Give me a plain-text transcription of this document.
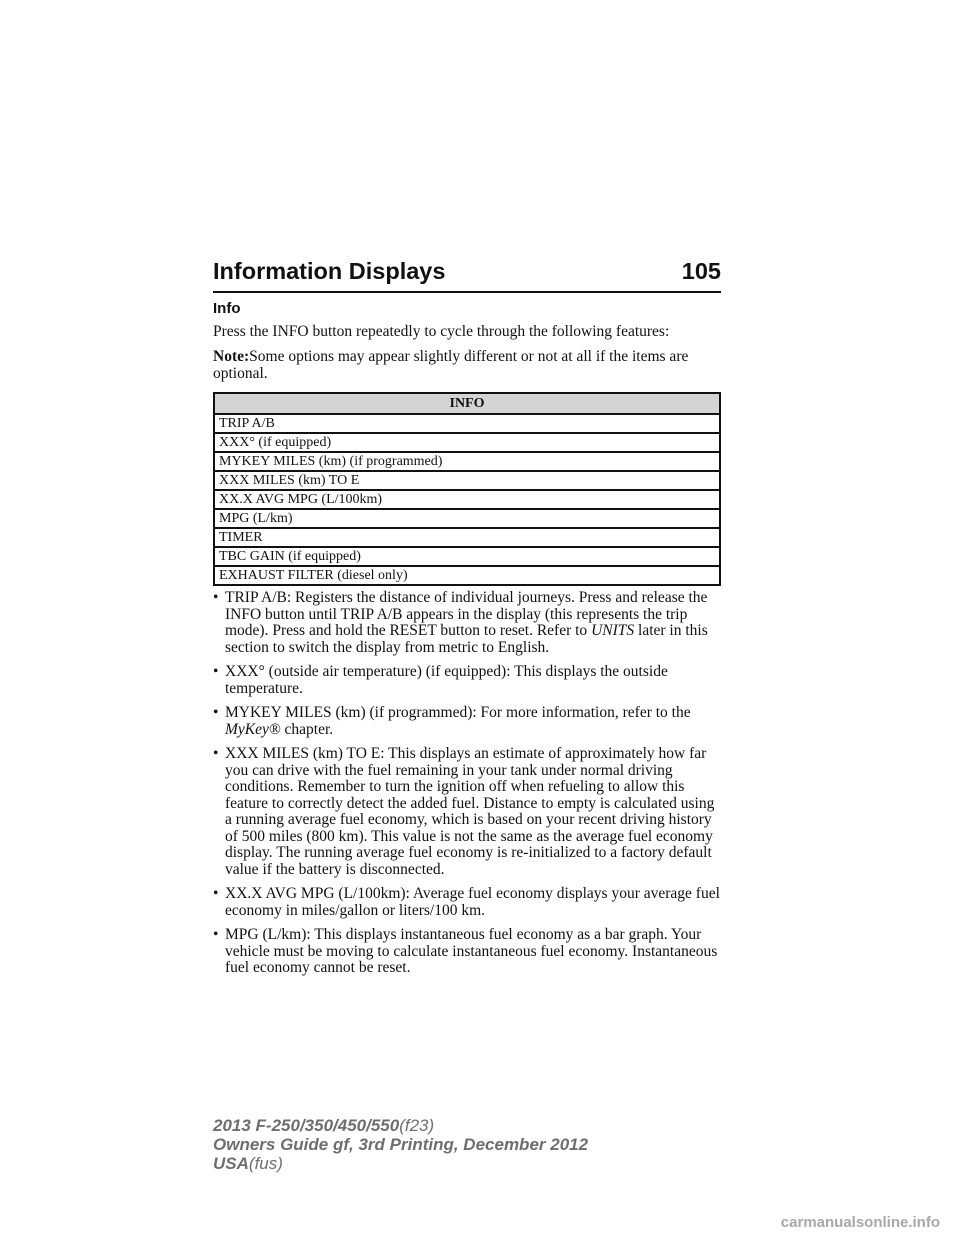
Information Displays	105
Info

Press the INFO button repeatedly to cycle through the following features:

Note:Some options may appear slightly different or not at all if the items are optional.

INFO
TRIP A/B
XXX° (if equipped)
MYKEY MILES (km) (if programmed)
XXX MILES (km) TO E
XX.X AVG MPG (L/100km)
MPG (L/km)
TIMER
TBC GAIN (if equipped)
EXHAUST FILTER (diesel only)
• TRIP A/B: Registers the distance of individual journeys. Press and release the INFO button until TRIP A/B appears in the display (this represents the trip mode). Press and hold the RESET button to reset. Refer to UNITS later in this section to switch the display from metric to English.
• XXX° (outside air temperature) (if equipped): This displays the outside temperature.
• MYKEY MILES (km) (if programmed): For more information, refer to the MyKey® chapter.
• XXX MILES (km) TO E: This displays an estimate of approximately how far you can drive with the fuel remaining in your tank under normal driving conditions. Remember to turn the ignition off when refueling to allow this feature to correctly detect the added fuel. Distance to empty is calculated using a running average fuel economy, which is based on your recent driving history of 500 miles (800 km). This value is not the same as the average fuel economy display. The running average fuel economy is re-initialized to a factory default value if the battery is disconnected.
• XX.X AVG MPG (L/100km): Average fuel economy displays your average fuel economy in miles/gallon or liters/100 km.
• MPG (L/km): This displays instantaneous fuel economy as a bar graph. Your vehicle must be moving to calculate instantaneous fuel economy. Instantaneous fuel economy cannot be reset.
2013 F-250/350/450/550(f23)
Owners Guide gf, 3rd Printing, December 2012
USA(fus)
carmanualsonline.info
